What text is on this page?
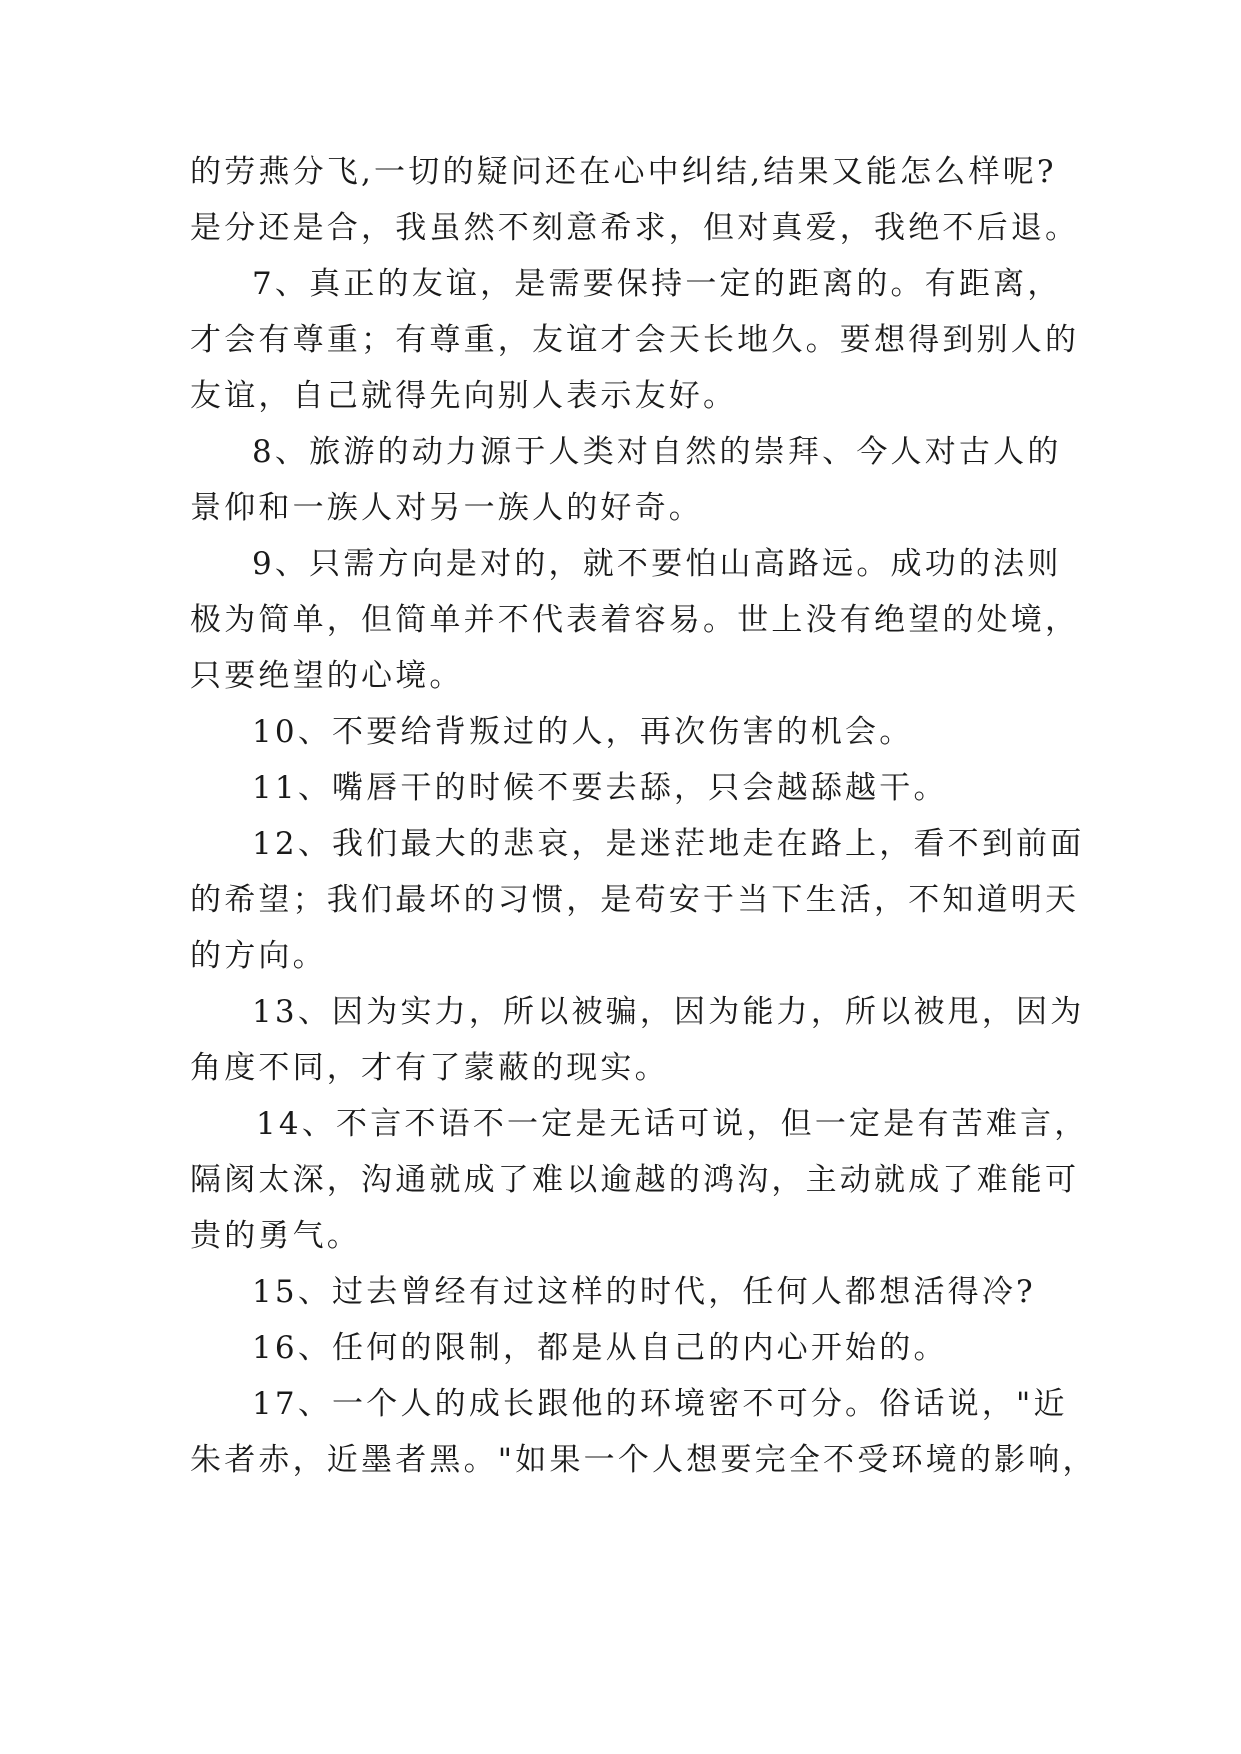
的劳燕分飞,一切的疑问还在心中纠结,结果又能怎么样呢?
是分还是合，我虽然不刻意希求，但对真爱，我绝不后退。
7、真正的友谊，是需要保持一定的距离的。有距离，
才会有尊重；有尊重，友谊才会天长地久。要想得到别人的
友谊，自己就得先向别人表示友好。
8、旅游的动力源于人类对自然的崇拜、今人对古人的
景仰和一族人对另一族人的好奇。
9、只需方向是对的，就不要怕山高路远。成功的法则
极为简单，但简单并不代表着容易。世上没有绝望的处境，
只要绝望的心境。
10、不要给背叛过的人，再次伤害的机会。
11、嘴唇干的时候不要去舔，只会越舔越干。
12、我们最大的悲哀，是迷茫地走在路上，看不到前面
的希望；我们最坏的习惯，是苟安于当下生活，不知道明天
的方向。
13、因为实力，所以被骗，因为能力，所以被甩，因为
角度不同，才有了蒙蔽的现实。
14、不言不语不一定是无话可说，但一定是有苦难言，
隔阂太深，沟通就成了难以逾越的鸿沟，主动就成了难能可
贵的勇气。
15、过去曾经有过这样的时代，任何人都想活得冷?
16、任何的限制，都是从自己的内心开始的。
17、一个人的成长跟他的环境密不可分。俗话说，"近
朱者赤，近墨者黑。"如果一个人想要完全不受环境的影响，
